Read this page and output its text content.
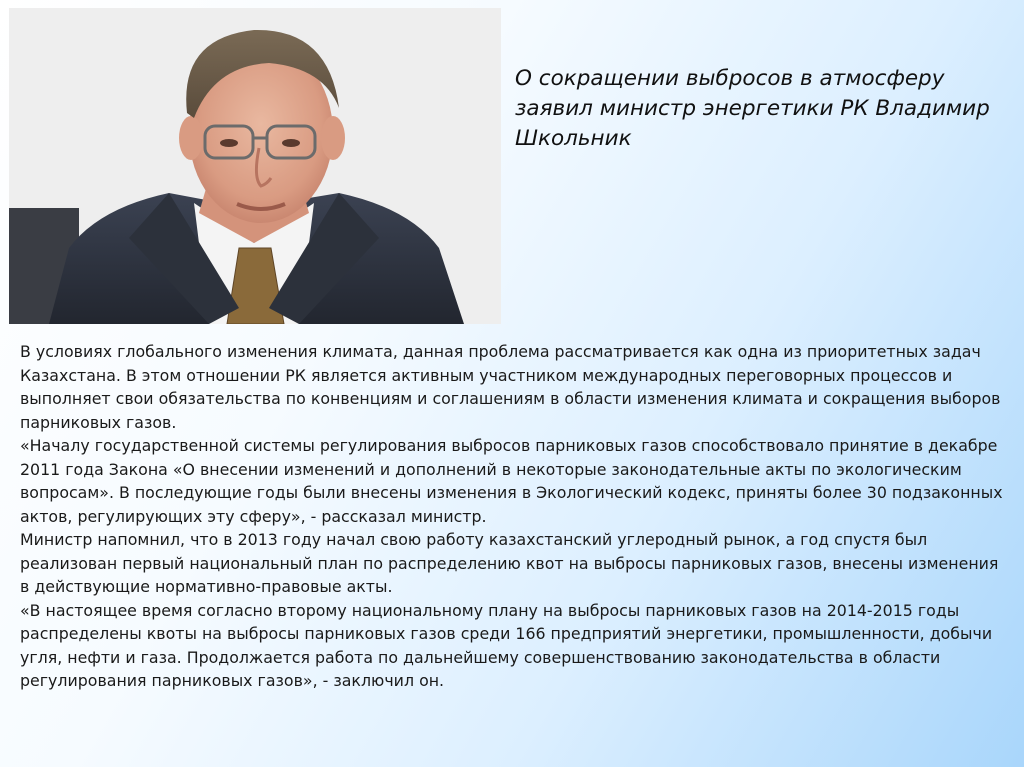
О сокращении выбросов в атмосферу заявил министр энергетики РК Владимир Школьник

В условиях глобального изменения климата, данная проблема рассматривается как одна из приоритетных задач Казахстана. В этом отношении РК является активным участником международных переговорных процессов и выполняет свои обязательства по конвенциям и соглашениям в области изменения климата и сокращения выборов парниковых газов.

«Началу государственной системы регулирования выбросов парниковых газов способствовало принятие в декабре 2011 года Закона «О внесении изменений и дополнений в некоторые законодательные акты по экологическим вопросам». В последующие годы были внесены изменения в Экологический кодекс, приняты более 30 подзаконных актов, регулирующих эту сферу», - рассказал министр.

Министр напомнил, что в 2013 году начал свою работу казахстанский углеродный рынок, а год спустя был реализован первый национальный план по распределению квот на выбросы парниковых газов, внесены изменения в действующие нормативно-правовые акты.

«В настоящее время согласно второму национальному плану на выбросы парниковых газов на 2014-2015 годы распределены квоты на выбросы парниковых газов среди 166 предприятий энергетики, промышленности, добычи угля, нефти и газа. Продолжается работа по дальнейшему совершенствованию законодательства в области регулирования парниковых газов», - заключил он.
